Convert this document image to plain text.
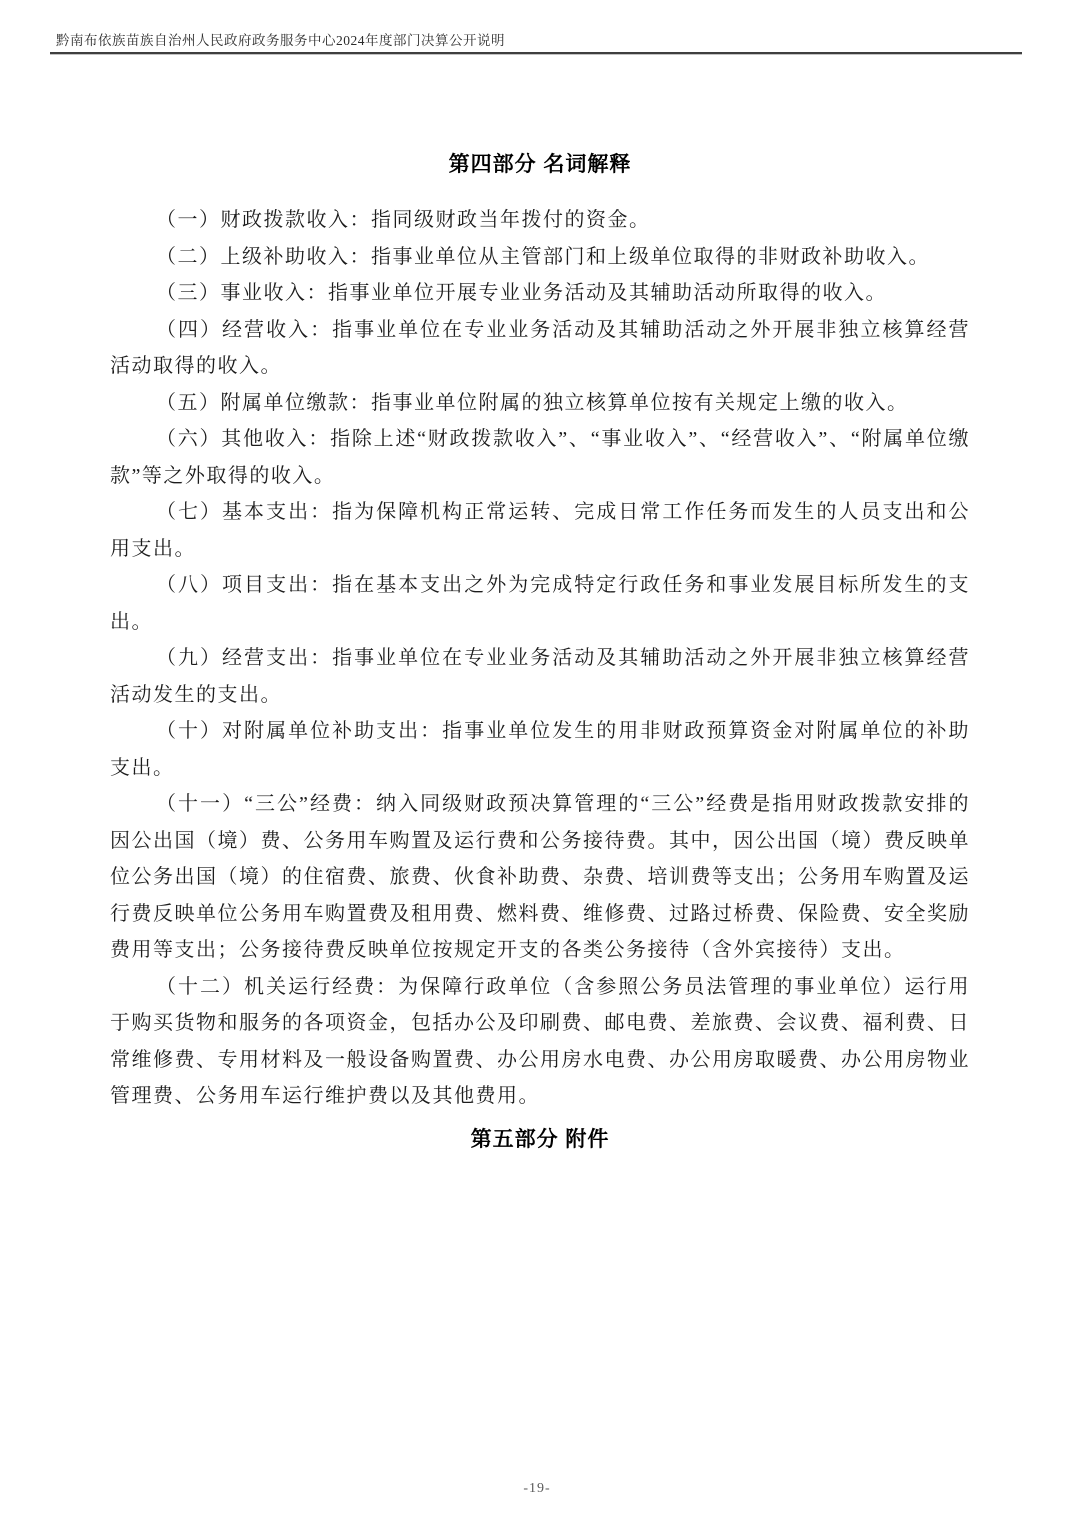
黔南布依族苗族自治州人民政府政务服务中心2024年度部门决算公开说明
第四部分 名词解释

（一）财政拨款收入：指同级财政当年拨付的资金。

（二）上级补助收入：指事业单位从主管部门和上级单位取得的非财政补助收入。

（三）事业收入：指事业单位开展专业业务活动及其辅助活动所取得的收入。

（四）经营收入：指事业单位在专业业务活动及其辅助活动之外开展非独立核算经营活动取得的收入。

（五）附属单位缴款：指事业单位附属的独立核算单位按有关规定上缴的收入。

（六）其他收入：指除上述“财政拨款收入”、“事业收入”、“经营收入”、“附属单位缴款”等之外取得的收入。

（七）基本支出：指为保障机构正常运转、完成日常工作任务而发生的人员支出和公用支出。

（八）项目支出：指在基本支出之外为完成特定行政任务和事业发展目标所发生的支出。

（九）经营支出：指事业单位在专业业务活动及其辅助活动之外开展非独立核算经营活动发生的支出。

（十）对附属单位补助支出：指事业单位发生的用非财政预算资金对附属单位的补助支出。

（十一）“三公”经费：纳入同级财政预决算管理的“三公”经费是指用财政拨款安排的因公出国（境）费、公务用车购置及运行费和公务接待费。其中，因公出国（境）费反映单位公务出国（境）的住宿费、旅费、伙食补助费、杂费、培训费等支出；公务用车购置及运行费反映单位公务用车购置费及租用费、燃料费、维修费、过路过桥费、保险费、安全奖励费用等支出；公务接待费反映单位按规定开支的各类公务接待（含外宾接待）支出。

（十二）机关运行经费：为保障行政单位（含参照公务员法管理的事业单位）运行用于购买货物和服务的各项资金，包括办公及印刷费、邮电费、差旅费、会议费、福利费、日常维修费、专用材料及一般设备购置费、办公用房水电费、办公用房取暖费、办公用房物业管理费、公务用车运行维护费以及其他费用。

第五部分 附件
-19-
